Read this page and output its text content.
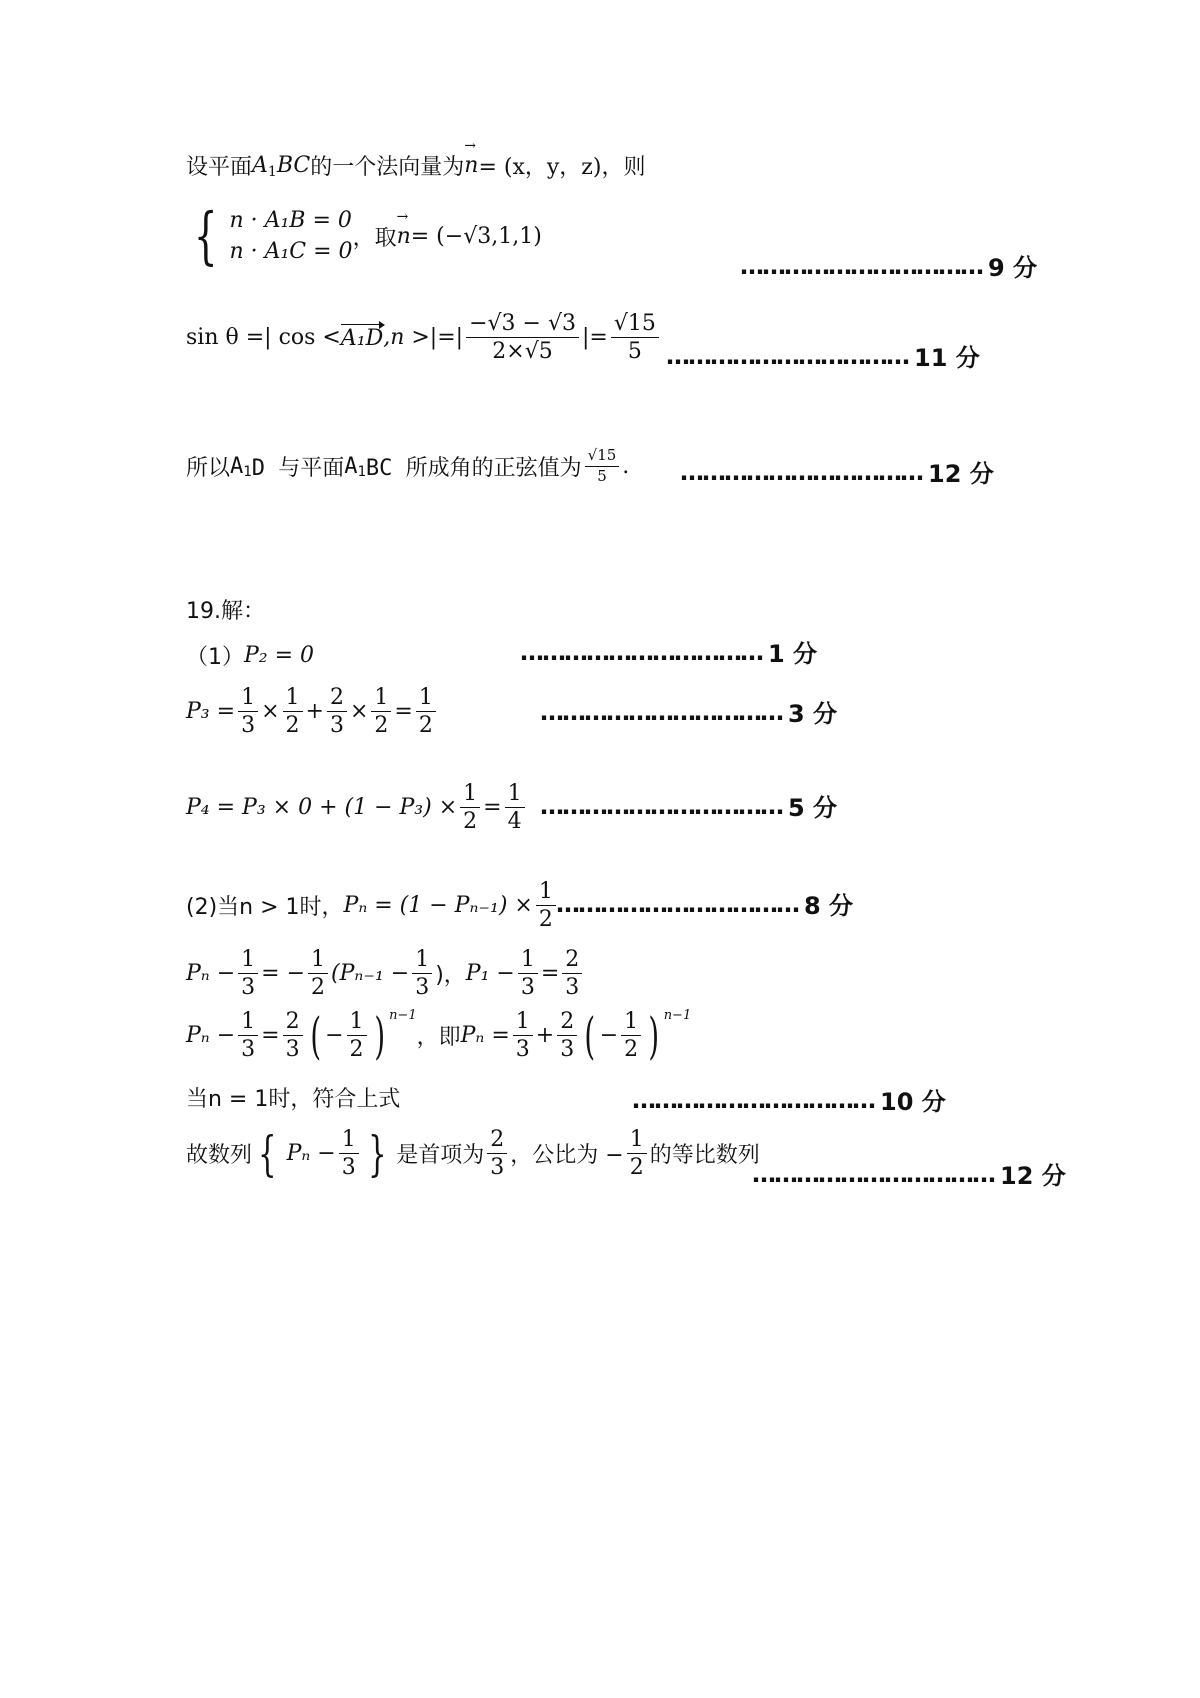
设平面 A 1 BC 的一个法向量为 → n = (x，y，z)，则
{ n · A₁B = 0
n · A₁C = 0
，取 → n = (−√3,1,1)
sin θ =| cos < A₁D ,n >|=| $\frac{-√3 - √3}{2\times√5}$ |= $\frac{√15}{5}$
所以 A 1 D 与平面 A 1 BC 所成角的正弦值为 $\frac{√15}{5}$ .
…………………………… 9 分
…………………………… 11 分
…………………………… 12 分
19.解：
（1） P₂ = 0	…………………………… 1 分
$P_3 = \frac{1}{3} \times \frac{1}{2} + \frac{2}{3} \times \frac{1}{2} = \frac{1}{2}$	…………………………… 3 分
$P_4 = P_3 \times 0 + (1 - P_3) \times \frac{1}{2} = \frac{1}{4}$ …………………………… 5 分
(2)当n > 1时， $P_n = (1 - P_{n-1}) \times \frac{1}{2}$ …………………………… 8 分
$P_n - \frac{1}{3}$ = − $\frac{1}{2} (P_{n-1} - \frac{1}{3}$ )， $P_1 - \frac{1}{3} = \frac{2}{3}$
$P_n - \frac{1}{3} = \frac{2}{3}$ ( − $\frac{1}{2}$ ) n−1
，即 $P_n = \frac{1}{3} + \frac{2}{3}$ ( − $\frac{1}{2}$ ) n−1
当n = 1时，符合上式	…………………………… 10 分
故数列 { $P_n - \frac{1}{3}$ } 是首项为 $\frac{2}{3}$ ，公比为 − $\frac{1}{2}$ 的等比数列
…………………………… 12 分
